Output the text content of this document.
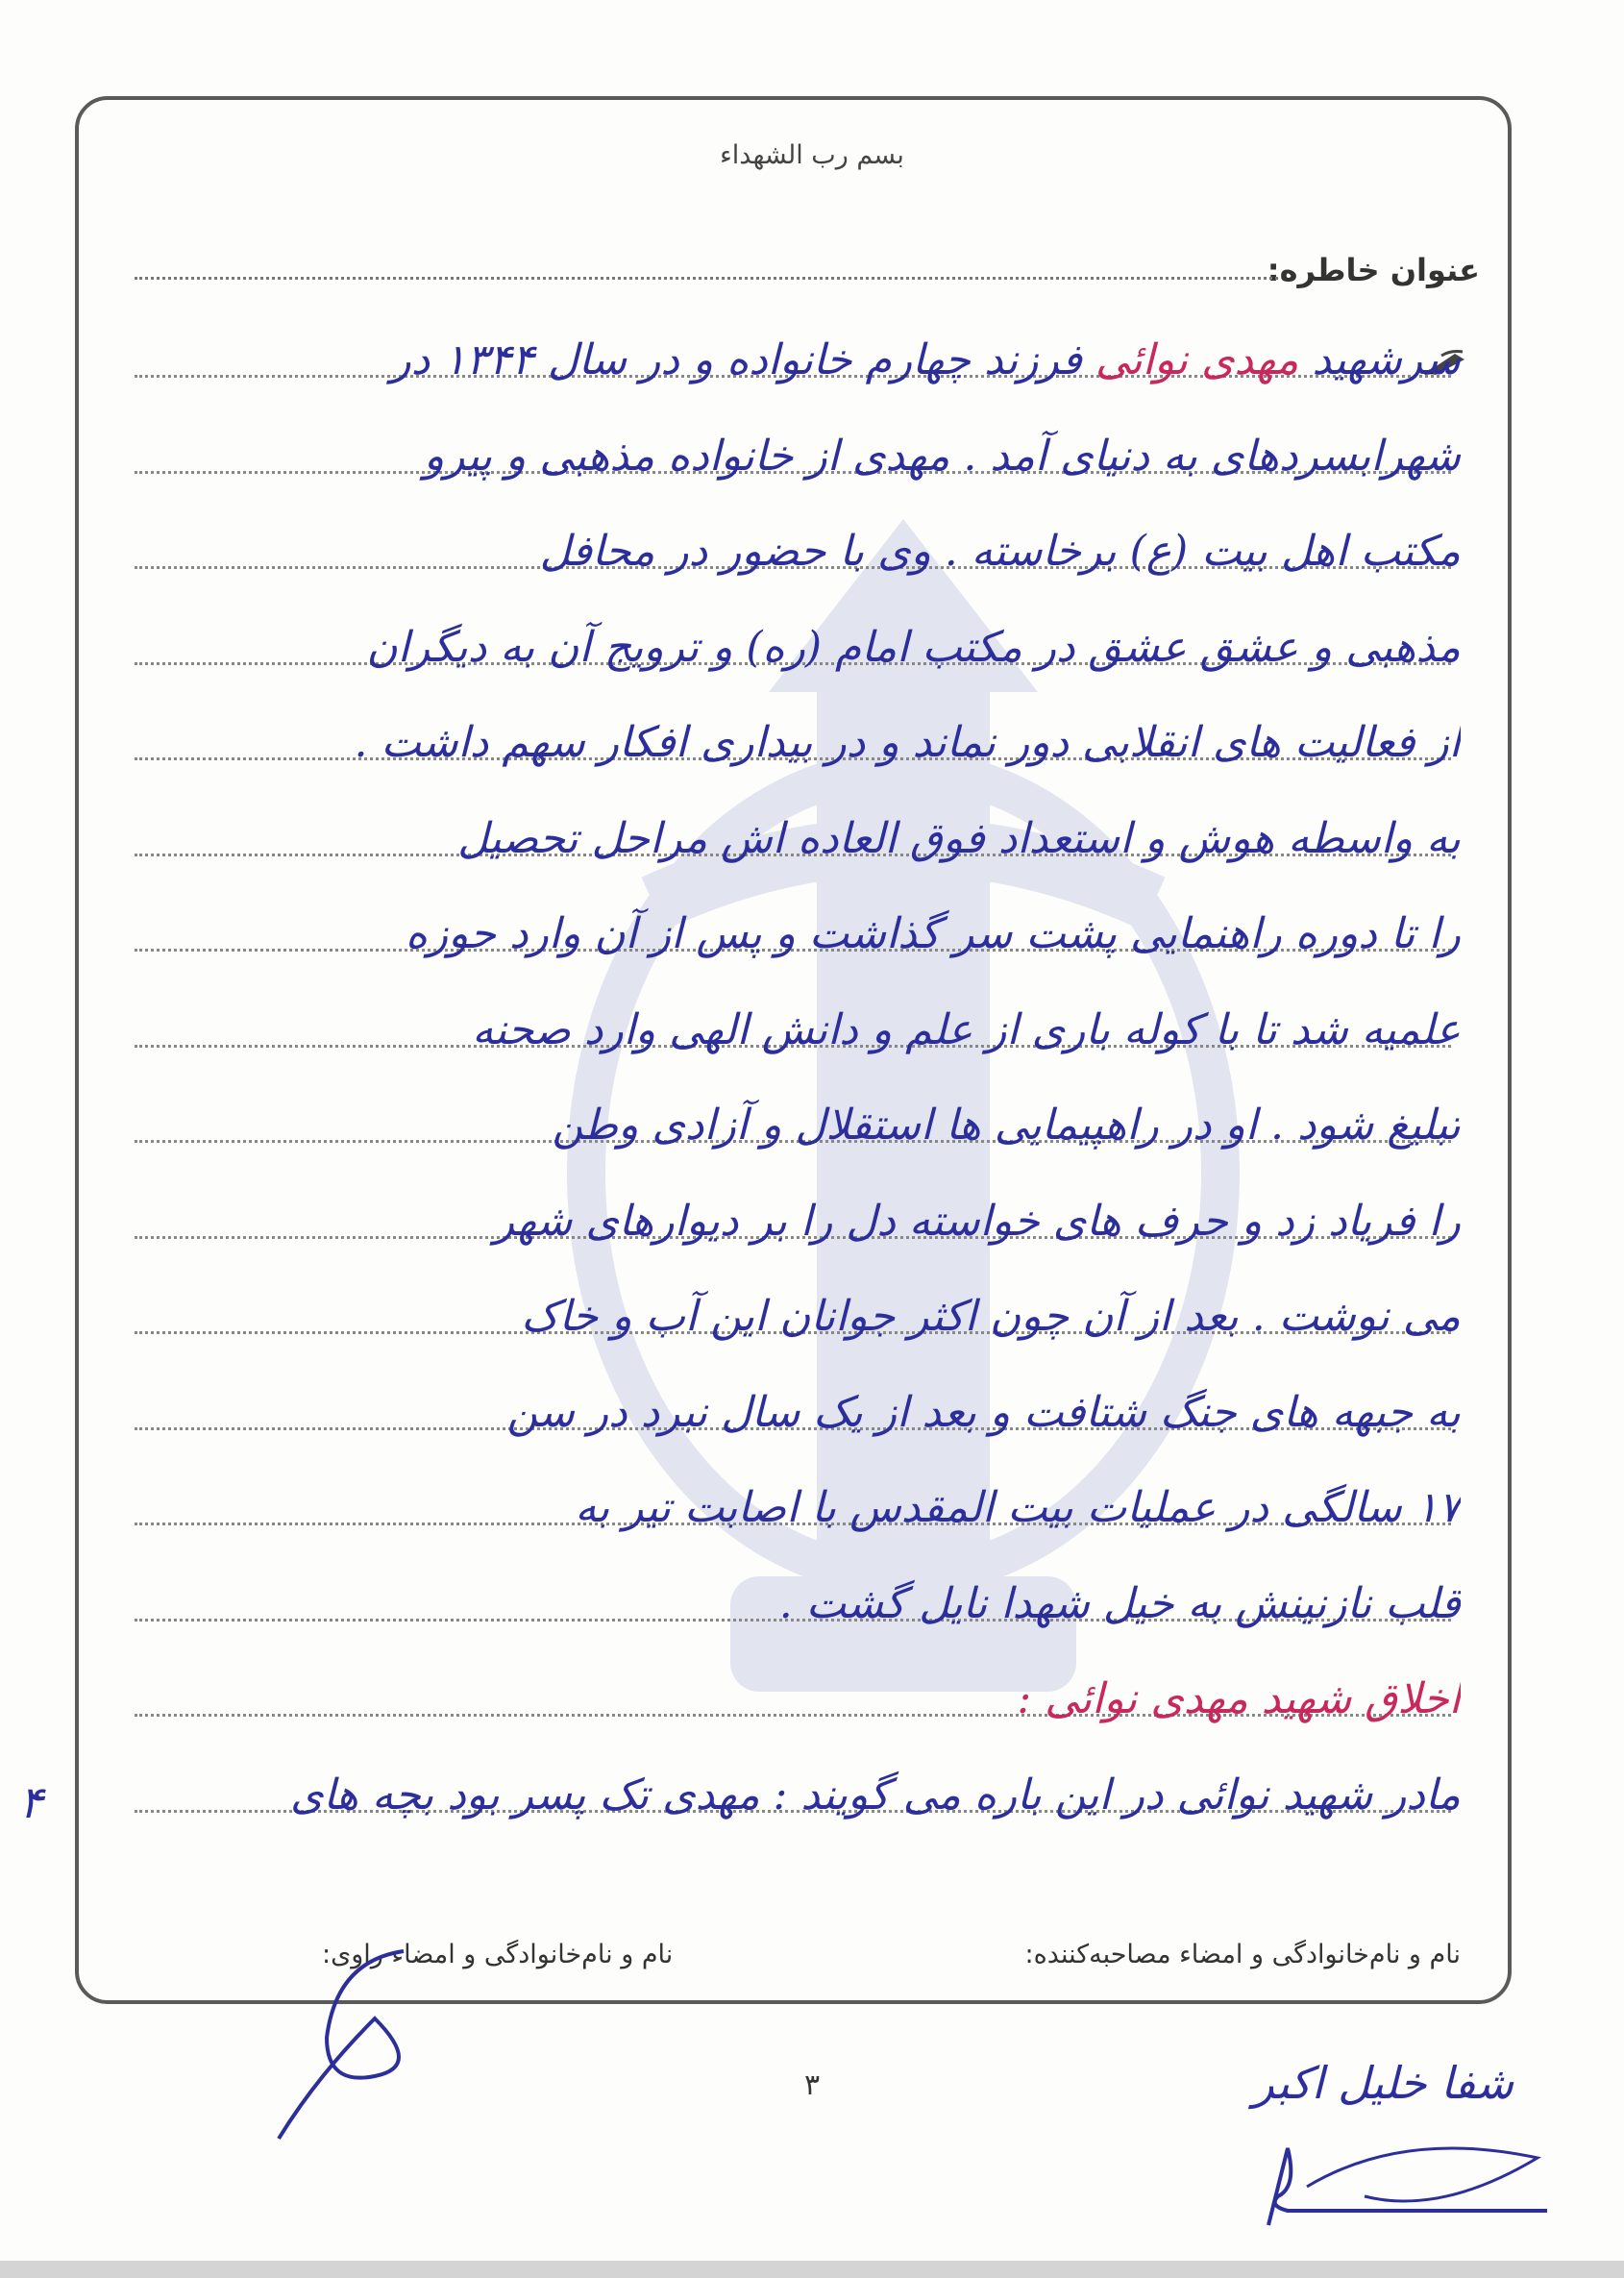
بسم رب الشهداء
عنوان خاطره:
سرشهید مهدی نوائی فرزند چهارم خانواده و در سال ۱۳۴۴ در
شهرابسردهای به دنیای آمد . مهدی از خانواده مذهبی و پیرو
مکتب اهل بیت (ع) برخاسته . وی با حضور در محافل
مذهبی و عشق عشق در مکتب امام (ره) و ترویج آن به دیگران
از فعالیت های انقلابی دور نماند و در بیداری افکار سهم داشت .
به واسطه هوش و استعداد فوق العاده اش مراحل تحصیل
را تا دوره راهنمایی پشت سر گذاشت و پس از آن وارد حوزه
علمیه شد تا با کوله باری از علم و دانش الهی وارد صحنه
تبلیغ شود . او در راهپیمایی ها استقلال و آزادی وطن
را فریاد زد و حرف های خواسته دل را بر دیوارهای شهر
می نوشت . بعد از آن چون اکثر جوانان این آب و خاک
به جبهه های جنگ شتافت و بعد از یک سال نبرد در سن
۱۷ سالگی در عملیات بیت المقدس با اصابت تیر به
قلب نازنینش به خیل شهدا نایل گشت .
اخلاق شهید مهدی نوائی :
مادر شهید نوائی در این باره می گویند : مهدی تک پسر بود بچه های
۴
نام و نام‌خانوادگی و امضاء مصاحبه‌کننده:
نام و نام‌خانوادگی و امضاء راوی:
۳	شفا خلیل اکبر
